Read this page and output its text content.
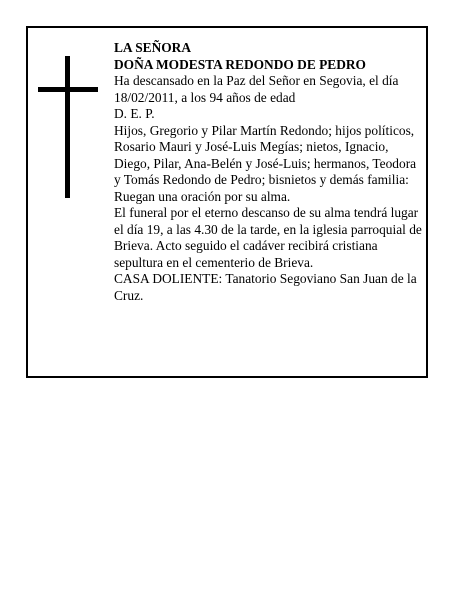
LA SEÑORA

DOÑA MODESTA REDONDO DE PEDRO

Ha descansado en la Paz del Señor en Segovia, el día 18/02/2011, a los 94 años de edad

D. E. P.

Hijos, Gregorio y Pilar Martín Redondo; hijos políticos, Rosario Mauri y José-Luis Megías; nietos, Ignacio, Diego, Pilar, Ana-Belén y José-Luis; hermanos, Teodora y Tomás Redondo de Pedro; bisnietos y demás familia:

Ruegan una oración por su alma.

El funeral por el eterno descanso de su alma tendrá lugar el día 19, a las 4.30 de la tarde, en la iglesia parroquial de Brieva. Acto seguido el cadáver recibirá cristiana sepultura en el cementerio de Brieva.

CASA DOLIENTE: Tanatorio Segoviano San Juan de la Cruz.
